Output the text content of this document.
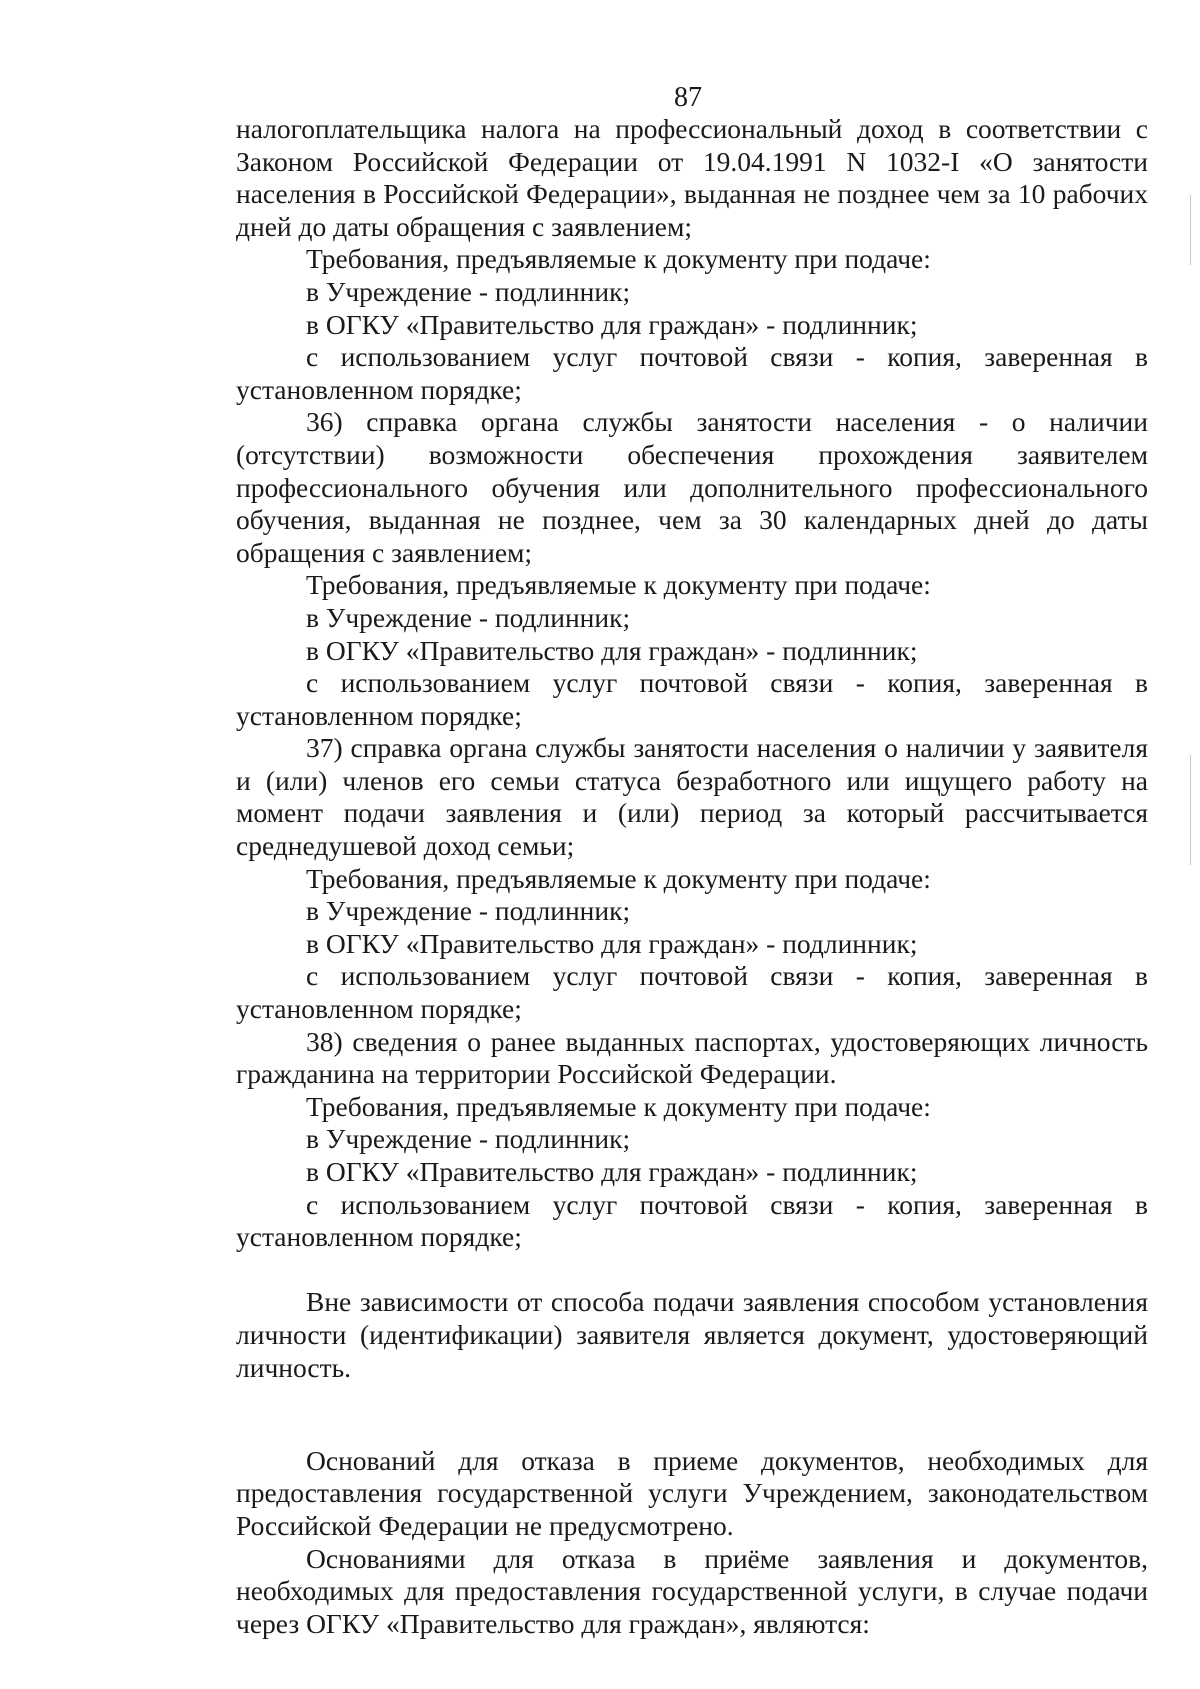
87

налогоплательщика налога на профессиональный доход в соответствии с Законом Российской Федерации от 19.04.1991 N 1032-I «О занятости населения в Российской Федерации», выданная не позднее чем за 10 рабочих дней до даты обращения с заявлением;

Требования, предъявляемые к документу при подаче:

в Учреждение - подлинник;

в ОГКУ «Правительство для граждан» - подлинник;

с использованием услуг почтовой связи - копия, заверенная в установленном порядке;

36) справка органа службы занятости населения - о наличии (отсутствии) возможности обеспечения прохождения заявителем профессионального обучения или дополнительного профессионального обучения, выданная не позднее, чем за 30 календарных дней до даты обращения с заявлением;

Требования, предъявляемые к документу при подаче:

в Учреждение - подлинник;

в ОГКУ «Правительство для граждан» - подлинник;

с использованием услуг почтовой связи - копия, заверенная в установленном порядке;

37) справка органа службы занятости населения о наличии у заявителя и (или) членов его семьи статуса безработного или ищущего работу на момент подачи заявления и (или) период за который рассчитывается среднедушевой доход семьи;

Требования, предъявляемые к документу при подаче:

в Учреждение - подлинник;

в ОГКУ «Правительство для граждан» - подлинник;

с использованием услуг почтовой связи - копия, заверенная в установленном порядке;

38) сведения о ранее выданных паспортах, удостоверяющих личность гражданина на территории Российской Федерации.

Требования, предъявляемые к документу при подаче:

в Учреждение - подлинник;

в ОГКУ «Правительство для граждан» - подлинник;

с использованием услуг почтовой связи - копия, заверенная в установленном порядке;

Вне зависимости от способа подачи заявления способом установления личности (идентификации) заявителя является документ, удостоверяющий личность.

Оснований для отказа в приеме документов, необходимых для предоставления государственной услуги Учреждением, законодательством Российской Федерации не предусмотрено.

Основаниями для отказа в приёме заявления и документов, необходимых для предоставления государственной услуги, в случае подачи через ОГКУ «Правительство для граждан», являются:
